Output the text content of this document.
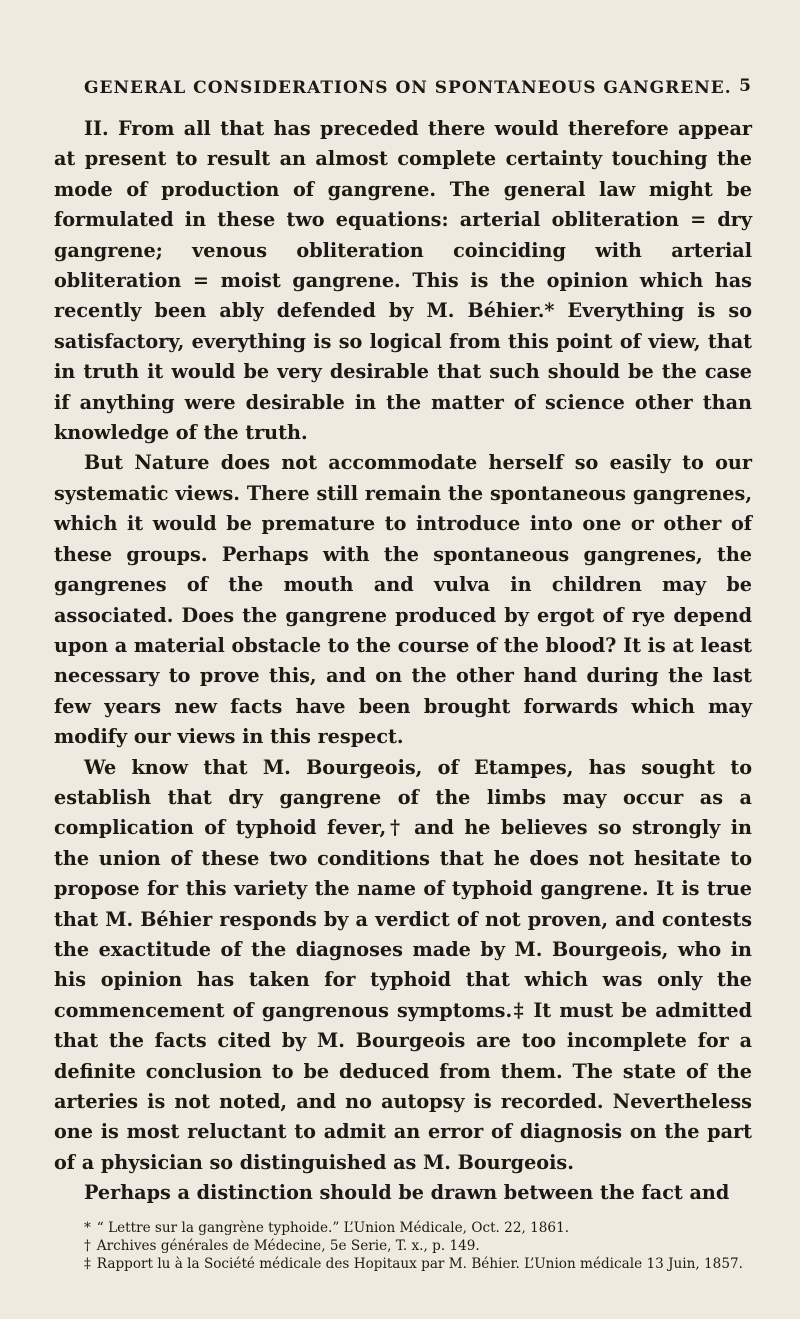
GENERAL CONSIDERATIONS ON SPONTANEOUS GANGRENE. 5

II. From all that has preceded there would therefore appear at present to result an almost complete certainty touching the mode of production of gangrene. The general law might be formulated in these two equations: arterial obliteration = dry gangrene; venous obliteration coinciding with arterial obliteration = moist gangrene. This is the opinion which has recently been ably defended by M. Béhier.* Everything is so satisfactory, everything is so logical from this point of view, that in truth it would be very desirable that such should be the case if anything were desirable in the matter of science other than knowledge of the truth.

But Nature does not accommodate herself so easily to our systematic views. There still remain the spontaneous gangrenes, which it would be premature to introduce into one or other of these groups. Perhaps with the spontaneous gangrenes, the gangrenes of the mouth and vulva in children may be associated. Does the gangrene produced by ergot of rye depend upon a material obstacle to the course of the blood? It is at least necessary to prove this, and on the other hand during the last few years new facts have been brought forwards which may modify our views in this respect.

We know that M. Bourgeois, of Etampes, has sought to establish that dry gangrene of the limbs may occur as a complication of typhoid fever,† and he believes so strongly in the union of these two conditions that he does not hesitate to propose for this variety the name of typhoid gangrene. It is true that M. Béhier responds by a verdict of not proven, and contests the exactitude of the diagnoses made by M. Bourgeois, who in his opinion has taken for typhoid that which was only the commencement of gangrenous symptoms.‡ It must be admitted that the facts cited by M. Bourgeois are too incomplete for a definite conclusion to be deduced from them. The state of the arteries is not noted, and no autopsy is recorded. Nevertheless one is most reluctant to admit an error of diagnosis on the part of a physician so distinguished as M. Bourgeois.

Perhaps a distinction should be drawn between the fact and

* “ Lettre sur la gangrène typhoide.” L’Union Médicale, Oct. 22, 1861.

† Archives générales de Médecine, 5e Serie, T. x., p. 149.

‡ Rapport lu à la Société médicale des Hopitaux par M. Béhier. L’Union médicale 13 Juin, 1857.
